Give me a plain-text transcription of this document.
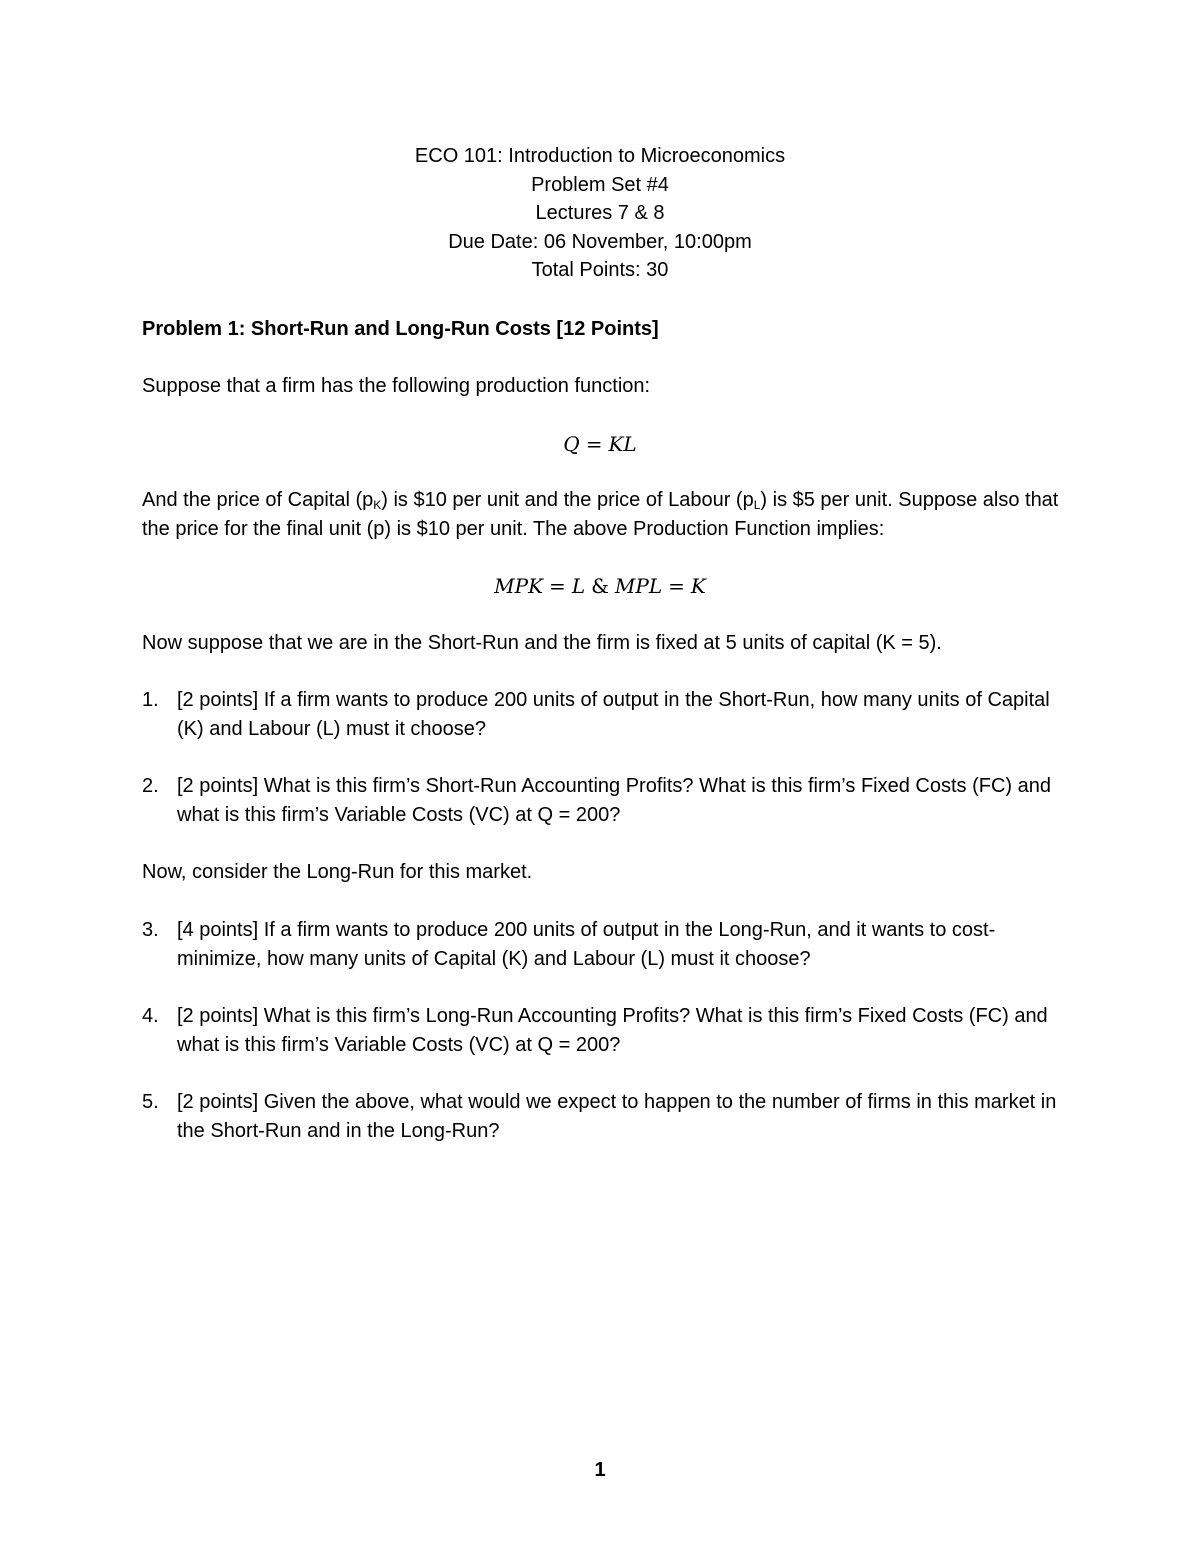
ECO 101: Introduction to Microeconomics
Problem Set #4
Lectures 7 & 8
Due Date: 06 November, 10:00pm
Total Points: 30
Problem 1: Short-Run and Long-Run Costs [12 Points]
Suppose that a firm has the following production function:
Q = KL
And the price of Capital $(p_K)$ is $10 per unit and the price of Labour $(p_L)$ is $5 per unit. Suppose also that the price for the final unit (p) is $10 per unit. The above Production Function implies:
MPK = L & MPL = K
Now suppose that we are in the Short-Run and the firm is fixed at 5 units of capital (K = 5).
1. [2 points] If a firm wants to produce 200 units of output in the Short-Run, how many units of Capital (K) and Labour (L) must it choose?
2. [2 points] What is this firm’s Short-Run Accounting Profits? What is this firm’s Fixed Costs (FC) and what is this firm’s Variable Costs (VC) at Q = 200?
Now, consider the Long-Run for this market.
3. [4 points] If a firm wants to produce 200 units of output in the Long-Run, and it wants to cost-minimize, how many units of Capital (K) and Labour (L) must it choose?
4. [2 points] What is this firm’s Long-Run Accounting Profits? What is this firm’s Fixed Costs (FC) and what is this firm’s Variable Costs (VC) at Q = 200?
5. [2 points] Given the above, what would we expect to happen to the number of firms in this market in the Short-Run and in the Long-Run?
1
